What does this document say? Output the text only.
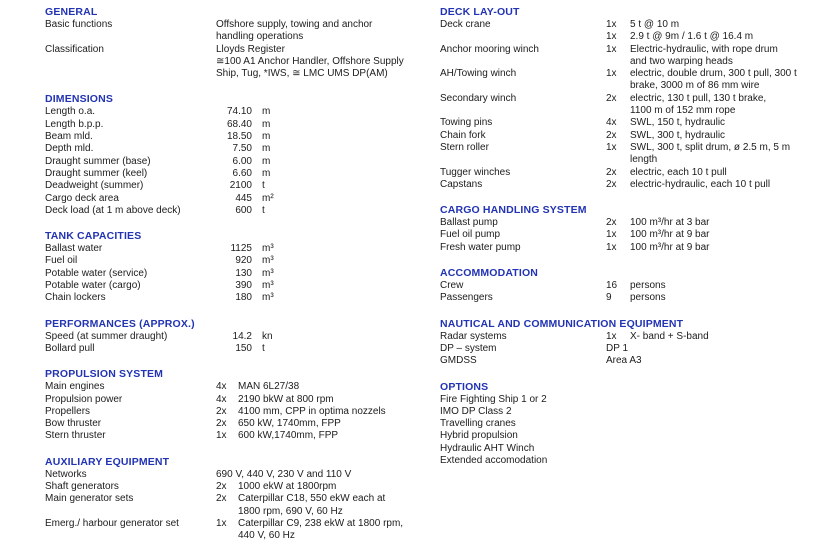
GENERAL
Basic functions	Offshore supply, towing and anchor
handling operations
Classification	Lloyds Register
≅100 A1 Anchor Handler, Offshore Supply
Ship, Tug, *IWS, ≅ LMC UMS DP(AM)
DIMENSIONS
Length o.a.	74.10	m
Length b.p.p.	68.40	m
Beam mld.	18.50	m
Depth mld.	7.50	m
Draught summer (base)	6.00	m
Draught summer (keel)	6.60	m
Deadweight (summer)	2100	t
Cargo deck area	445	m²
Deck load (at 1 m above deck)	600	t
TANK CAPACITIES
Ballast water	1125	m³
Fuel oil	920	m³
Potable water (service)	130	m³
Potable water (cargo)	390	m³
Chain lockers	180	m³
PERFORMANCES (APPROX.)
Speed (at summer draught)	14.2	kn
Bollard pull	150	t
PROPULSION SYSTEM
Main engines	4x	MAN 6L27/38
Propulsion power	4x	2190 bkW at 800 rpm
Propellers	2x	4100 mm, CPP in optima nozzels
Bow thruster	2x	650 kW, 1740mm, FPP
Stern thruster	1x	600 kW,1740mm, FPP
AUXILIARY EQUIPMENT
Networks	690 V, 440 V, 230 V and 110 V
Shaft generators	2x	1000 ekW at 1800rpm
Main generator sets	2x	Caterpillar C18, 550 ekW each at
1800 rpm, 690 V, 60 Hz
Emerg./ harbour generator set	1x	Caterpillar C9, 238 ekW at 1800 rpm,
440 V, 60 Hz
DECK LAY-OUT
Deck crane	1x	5 t @ 10 m
1x	2.9 t @ 9m / 1.6 t @ 16.4 m
Anchor mooring winch	1x	Electric-hydraulic, with rope drum
and two warping heads
AH/Towing winch	1x	electric, double drum, 300 t pull, 300 t
brake, 3000 m of 86 mm wire
Secondary winch	2x	electric, 130 t pull, 130 t brake,
1100 m of 152 mm rope
Towing pins	4x	SWL, 150 t, hydraulic
Chain fork	2x	SWL, 300 t, hydraulic
Stern roller	1x	SWL, 300 t, split drum, ø 2.5 m, 5 m
length
Tugger winches	2x	electric, each 10 t pull
Capstans	2x	electric-hydraulic, each 10 t pull
CARGO HANDLING SYSTEM
Ballast pump	2x	100 m³/hr at 3 bar
Fuel oil pump	1x	100 m³/hr at 9 bar
Fresh water pump	1x	100 m³/hr at 9 bar
ACCOMMODATION
Crew	16	persons
Passengers	9	persons
NAUTICAL AND COMMUNICATION EQUIPMENT
Radar systems	1x	X- band + S-band
DP – system	DP 1
GMDSS	Area A3
OPTIONS
Fire Fighting Ship 1 or 2
IMO DP Class 2
Travelling cranes
Hybrid propulsion
Hydraulic AHT Winch
Extended accomodation
